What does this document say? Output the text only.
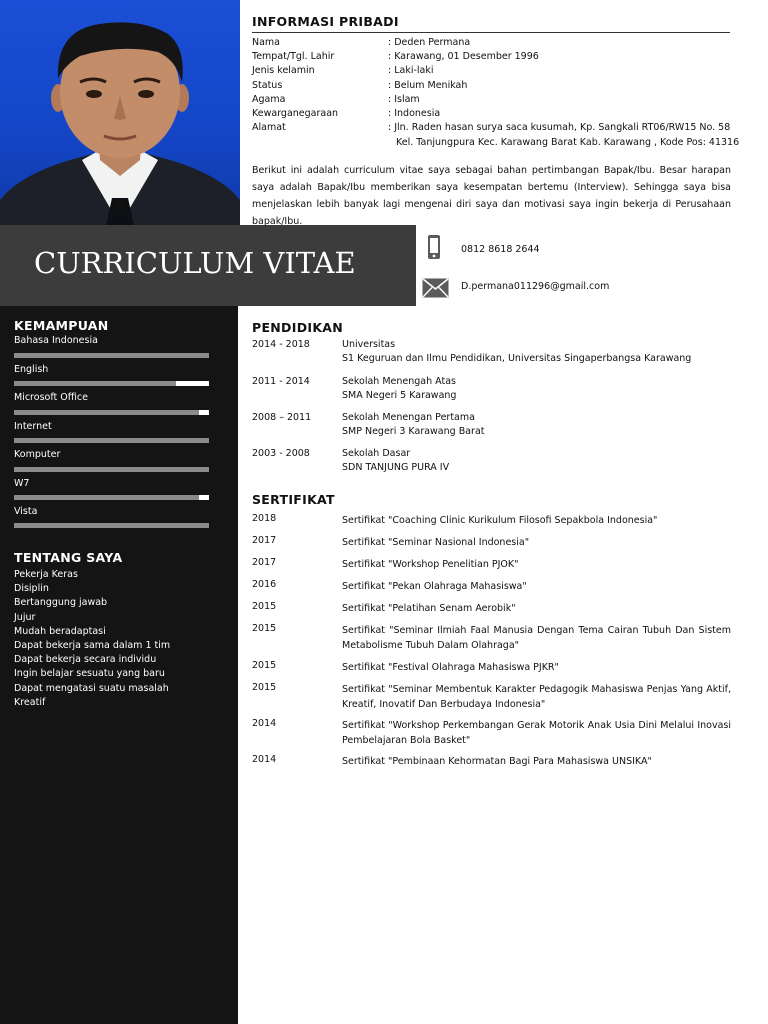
CURRICULUM VITAE
KEMAMPUAN
Bahasa Indonesia
English
Microsoft Office
Internet
Komputer
W7
Vista
TENTANG SAYA
Pekerja Keras
Disiplin
Bertanggung jawab
Jujur
Mudah beradaptasi
Dapat bekerja sama dalam 1 tim
Dapat bekerja secara individu
Ingin belajar sesuatu yang baru
Dapat mengatasi suatu masalah
Kreatif
INFORMASI PRIBADI
Nama	: Deden Permana
Tempat/Tgl. Lahir	: Karawang, 01 Desember 1996
Jenis kelamin	: Laki-laki
Status	: Belum Menikah
Agama	: Islam
Kewarganegaraan	: Indonesia
Alamat	: Jln. Raden hasan surya saca kusumah, Kp. Sangkali RT06/RW15 No. 58
Kel. Tanjungpura Kec. Karawang Barat Kab. Karawang , Kode Pos: 41316

Berikut ini adalah curriculum vitae saya sebagai bahan pertimbangan Bapak/Ibu. Besar harapan saya adalah Bapak/Ibu memberikan saya kesempatan bertemu (Interview). Sehingga saya bisa menjelaskan lebih banyak lagi mengenai diri saya dan motivasi saya ingin bekerja di Perusahaan bapak/Ibu.

0812 8618 2644
D.permana011296@gmail.com
PENDIDIKAN
2014 - 2018	Universitas
S1 Keguruan dan Ilmu Pendidikan, Universitas Singaperbangsa Karawang
2011 - 2014	Sekolah Menengah Atas
SMA Negeri 5 Karawang
2008 – 2011	Sekolah Menengan Pertama
SMP Negeri 3 Karawang Barat
2003 - 2008	Sekolah Dasar
SDN TANJUNG PURA IV
SERTIFIKAT
2018	Sertifikat "Coaching Clinic Kurikulum Filosofi Sepakbola Indonesia"
2017	Sertifikat "Seminar Nasional Indonesia"
2017	Sertifikat "Workshop Penelitian PJOK"
2016	Sertifikat "Pekan Olahraga Mahasiswa"
2015	Sertifikat "Pelatihan Senam Aerobik"
2015	Sertifikat "Seminar Ilmiah Faal Manusia Dengan Tema Cairan Tubuh Dan Sistem Metabolisme Tubuh Dalam Olahraga"
2015	Sertifikat "Festival Olahraga Mahasiswa PJKR"
2015	Sertifikat "Seminar Membentuk Karakter Pedagogik Mahasiswa Penjas Yang Aktif, Kreatif, Inovatif Dan Berbudaya Indonesia"
2014	Sertifikat "Workshop Perkembangan Gerak Motorik Anak Usia Dini Melalui Inovasi Pembelajaran Bola Basket"
2014	Sertifikat "Pembinaan Kehormatan Bagi Para Mahasiswa UNSIKA"
